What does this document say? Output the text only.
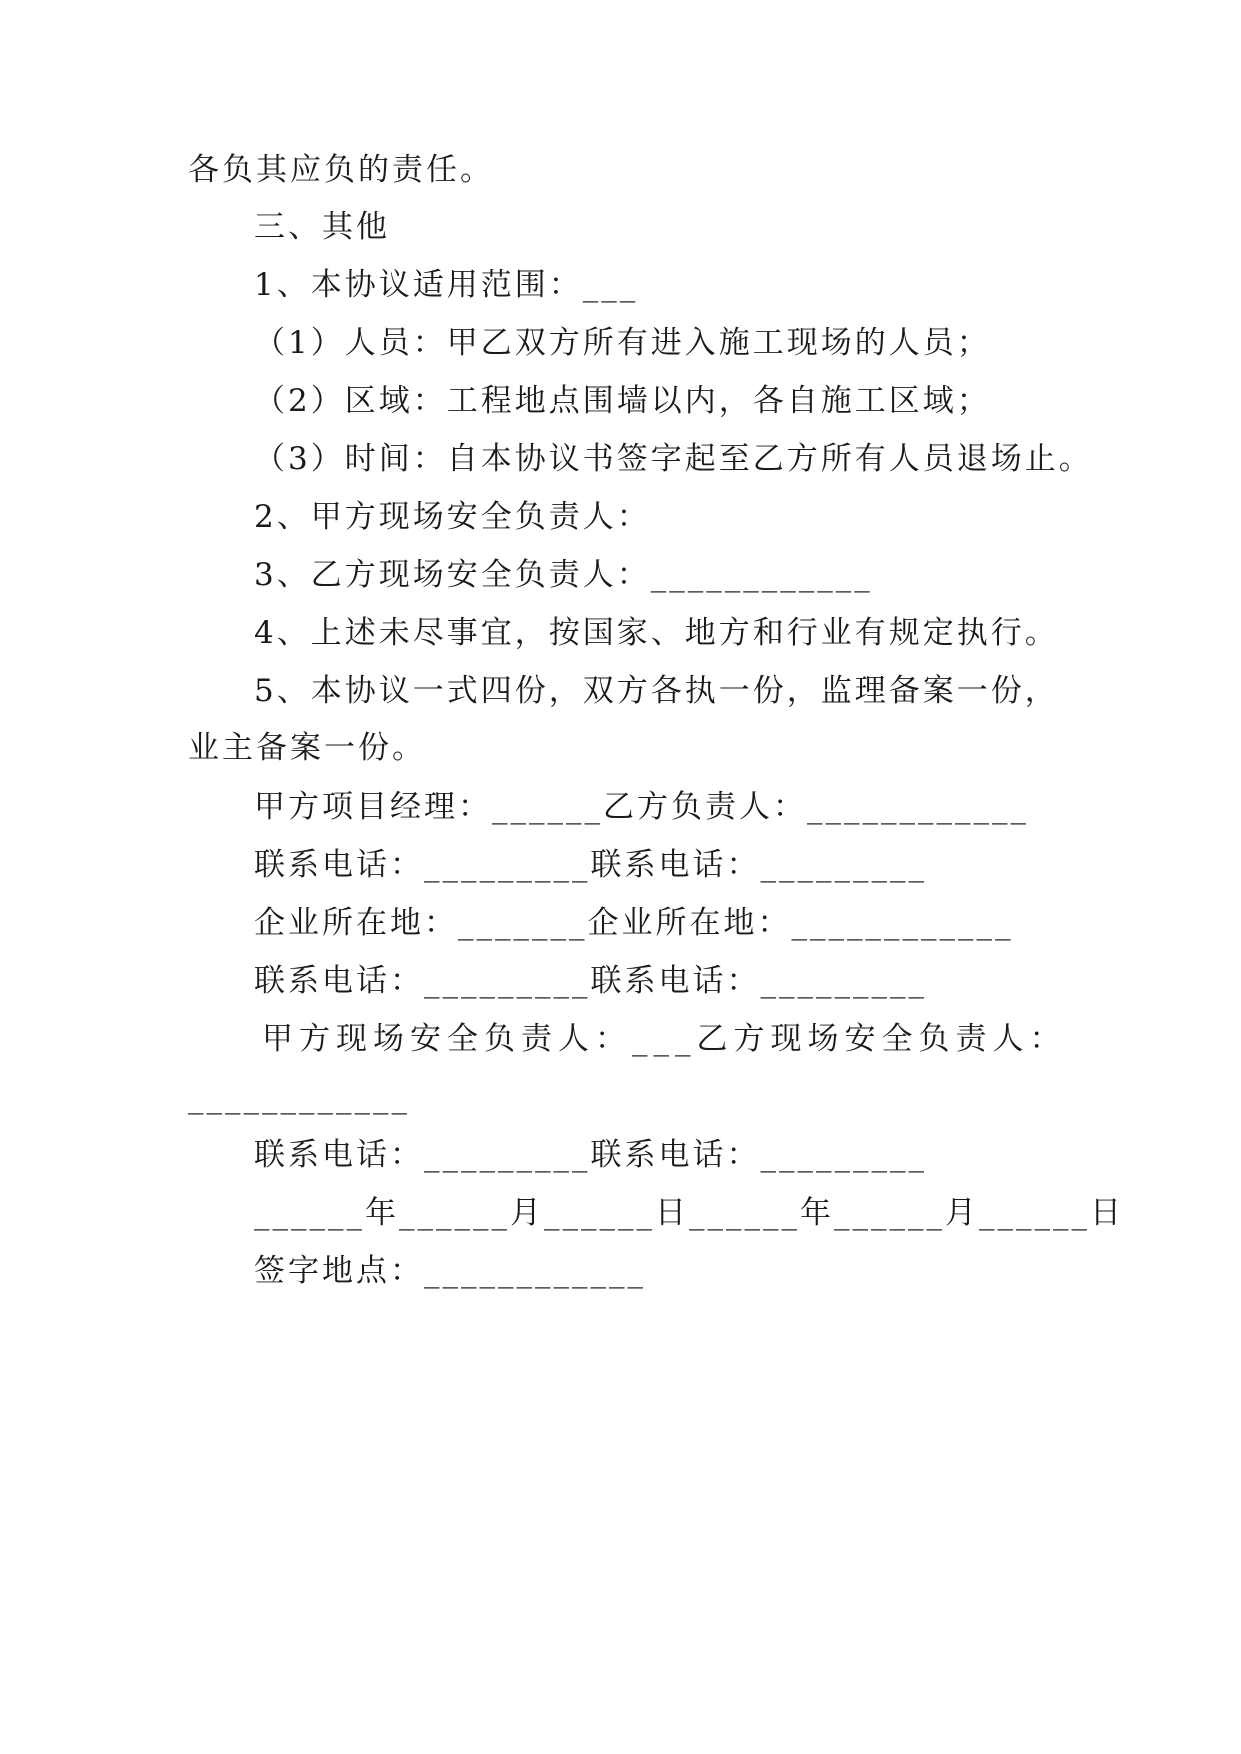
各负其应负的责任。
三、其他
1、本协议适用范围：___
（1）人员：甲乙双方所有进入施工现场的人员；
（2）区域：工程地点围墙以内，各自施工区域；
（3）时间：自本协议书签字起至乙方所有人员退场止。
2、甲方现场安全负责人：
3、乙方现场安全负责人：____________
4、上述未尽事宜，按国家、地方和行业有规定执行。
5、本协议一式四份，双方各执一份，监理备案一份，
业主备案一份。
甲方项目经理：______乙方负责人：____________
联系电话：_________联系电话：_________
企业所在地：_______企业所在地：____________
联系电话：_________联系电话：_________
甲方现场安全负责人：___乙方现场安全负责人：
____________
联系电话：_________联系电话：_________
______年______月______日______年______月______日
签字地点：____________
